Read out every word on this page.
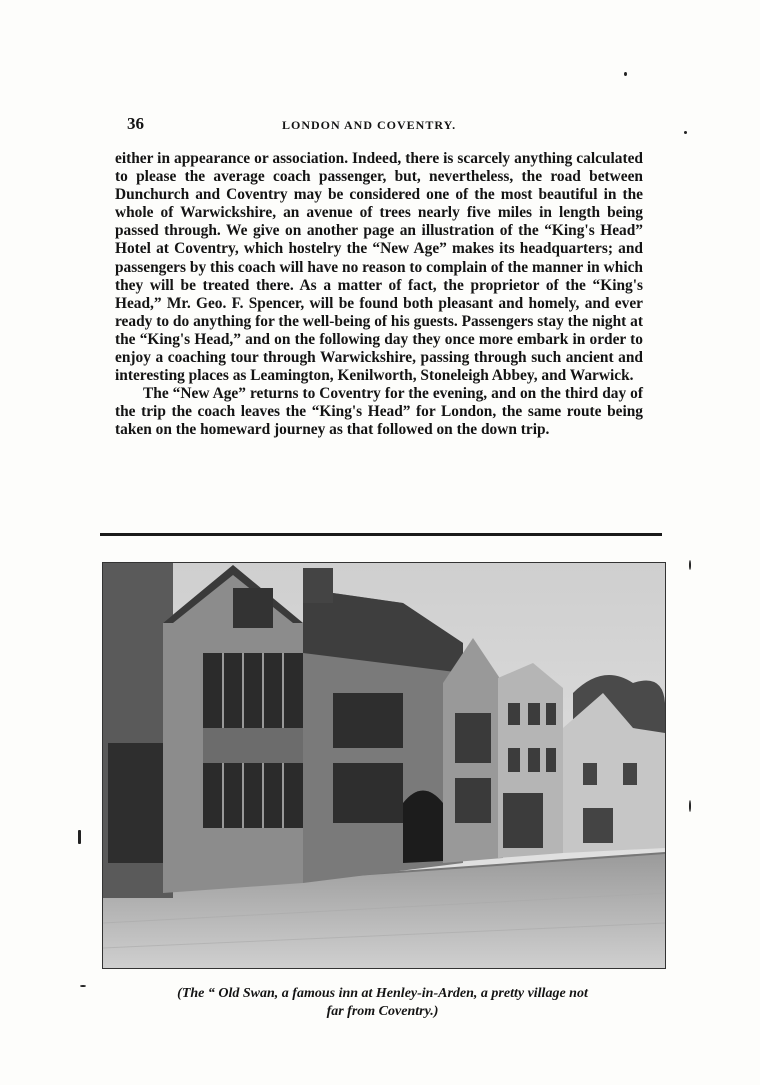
36	LONDON AND COVENTRY.

either in appearance or association. Indeed, there is scarcely anything calculated to please the average coach passenger, but, nevertheless, the road between Dunchurch and Coventry may be considered one of the most beautiful in the whole of Warwickshire, an avenue of trees nearly five miles in length being passed through. We give on another page an illustration of the “King's Head” Hotel at Coventry, which hostelry the “New Age” makes its headquarters; and passengers by this coach will have no reason to complain of the manner in which they will be treated there. As a matter of fact, the proprietor of the “King's Head,” Mr. Geo. F. Spencer, will be found both pleasant and homely, and ever ready to do anything for the well-being of his guests. Passengers stay the night at the “King's Head,” and on the following day they once more embark in order to enjoy a coaching tour through Warwickshire, passing through such ancient and interesting places as Leamington, Kenilworth, Stoneleigh Abbey, and Warwick.

The “New Age” returns to Coventry for the evening, and on the third day of the trip the coach leaves the “King's Head” for London, the same route being taken on the homeward journey as that followed on the down trip.

(The “ Old Swan, a famous inn at Henley-in-Arden, a pretty village not
far from Coventry.)
